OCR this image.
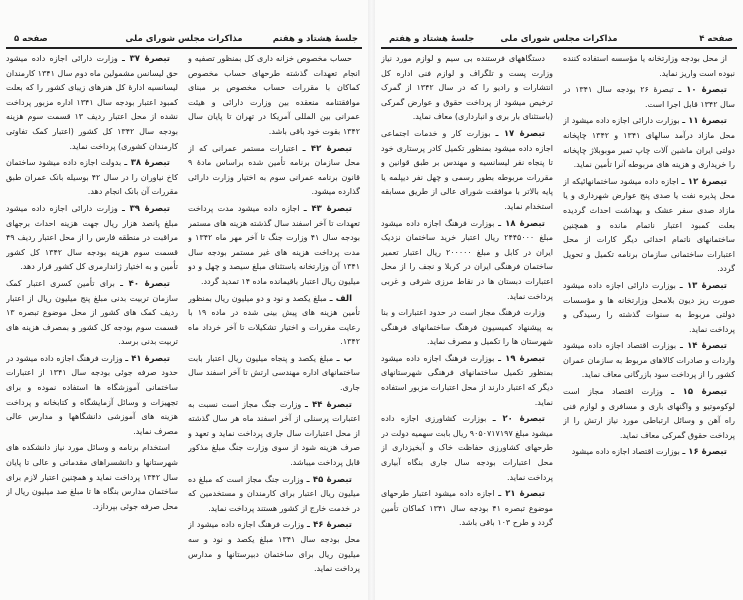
جلسهٔ هشتاد و هفتم
مذاکرات مجلس شورای ملی
صفحه ۵

حساب مخصوص خزانه داری کل بمنظور تصفیه و انجام تعهدات گذشته طرحهای حساب مخصوص کماکان با مقررات حساب مخصوص بر مبنای موافقتنامه منعقده بین وزارت دارائی و هیئت عمرانی بین المللی آمریکا در تهران تا پایان سال ۱۳۴۲ بقوت خود باقی باشد.

تبصرهٔ ۴۲ ـ اعتبارات مستمر عمرانی که از محل سازمان برنامه تأمین شده براساس مادهٔ ۹ قانون برنامه عمرانی سوم به اختیار وزارت دارائی گذارده میشود.

تبصرهٔ ۴۳ ـ اجازه داده میشود مدت پرداخت تعهدات تا آخر اسفند سال گذشته هزینه های مستمر بودجه سال ۴۱ وزارت جنگ تا آخر مهر ماه ۱۳۴۲ و مدت پرداخت هزینه های غیر مستمر بودجه سال ۱۳۴۱ آن وزارتخانه باستثنای مبلغ سیصد و چهل و دو میلیون ریال اعتبار باقیمانده ماده ۱۴ تمدید گردد.

الف ـ مبلغ یکصد و نود و دو میلیون ریال بمنظور تأمین هزینه های پیش بینی شده در ماده ۱۹ با رعایت مقررات و اختیار تشکیلات تا آخر خرداد ماه ۱۳۴۲.

ب ـ مبلغ یکصد و پنجاه میلیون ریال اعتبار بابت ساختمانهای اداره مهندسی ارتش تا آخر اسفند سال جاری.

تبصرهٔ ۴۴ ـ وزارت جنگ مجاز است نسبت به اعتبارات پرسنلی از آخر اسفند ماه هر سال گذشته از محل اعتبارات سال جاری پرداخت نماید و تعهد و صرف هزینه شود از سوی وزارت جنگ مبلغ مذکور قابل پرداخت میباشد.

تبصرهٔ ۴۵ ـ وزارت جنگ مجاز است که مبلغ ده میلیون ریال اعتبار برای کارمندان و مستخدمین که در خدمت خارج از کشور هستند پرداخت نماید.

تبصرهٔ ۴۶ ـ وزارت فرهنگ اجازه داده میشود از محل بودجه سال ۱۳۴۱ مبلغ یکصد و نود و سه میلیون ریال برای ساختمان دبیرستانها و مدارس پرداخت نماید.

تبصرهٔ ۳۷ ـ وزارت دارائی اجازه داده میشود حق لیسانس مشمولین ماه دوم سال ۱۳۴۱ کارمندان لیسانسیه ادارهٔ کل هنرهای زیبای کشور را که بعلت کمبود اعتبار بودجه سال ۱۳۴۱ اداره مزبور پرداخت نشده از محل اعتبار ردیف ۱۳ قسمت سوم هزینه بودجه سال ۱۳۴۲ کل کشور (اعتبار کمک تفاوتی کارمندان کشوری) پرداخت نماید.

تبصرهٔ ۳۸ ـ بدولت اجازه داده میشود ساختمان کاخ نیاوران را در سال ۴۲ بوسیله بانک عمران طبق مقررات آن بانک انجام دهد.

تبصرهٔ ۳۹ ـ وزارت دارائی اجازه داده میشود مبلغ پانصد هزار ریال جهت هزینه احداث برجهای مراقبت در منطقه فارس را از محل اعتبار ردیف ۴۹ قسمت سوم هزینه بودجه سال ۱۳۴۲ کل کشور تأمین و به اختیار ژاندارمری کل کشور قرار دهد.

تبصرهٔ ۴۰ ـ برای تأمین کسری اعتبار کمک سازمان تربیت بدنی مبلغ پنج میلیون ریال از اعتبار ردیف کمک های کشور از محل موضوع تبصره ۱۳ قسمت سوم بودجه کل کشور و بمصرف هزینه های تربیت بدنی برسد.

تبصرهٔ ۴۱ ـ وزارت فرهنگ اجازه داده میشود در حدود صرفه جوئی بودجه سال ۱۳۴۱ از اعتبارات ساختمانی آموزشگاه ها استفاده نموده و برای تجهیزات و وسائل آزمایشگاه و کتابخانه و پرداخت هزینه های آموزشی دانشگاهها و مدارس عالی مصرف نماید.

استخدام برنامه و وسائل مورد نیاز دانشکده های شهرستانها و دانشسراهای مقدماتی و عالی تا پایان سال ۱۳۴۲ پرداخت نماید و همچنین اعتبار لازم برای ساختمان مدارس بنگاه ها تا مبلغ صد میلیون ریال از محل صرفه جوئی بپردازد.

صفحه ۴
مذاکرات مجلس شورای ملی
جلسهٔ هشتاد و هفتم

از محل بودجه وزارتخانه یا مؤسسه استفاده کننده نبوده است واریز نماید.

تبصرهٔ ۱۰ ـ تبصرهٔ ۲۶ بودجه سال ۱۳۴۱ در سال ۱۳۴۲ قابل اجرا است.

تبصرهٔ ۱۱ ـ بوزارت دارائی اجازه داده میشود از محل مازاد درآمد سالهای ۱۳۴۱ و ۱۳۴۲ چاپخانه دولتی ایران ماشین آلات چاپ تمیر موبوبلاژ چاپخانه را خریداری و هزینه های مربوطه آنرا تأمین نماید.

تبصرهٔ ۱۲ ـ اجازه داده میشود ساختمانهائیکه از محل پذیره نفت یا صدی پنج عوارض شهرداری و یا مازاد صدی سفر عشک و بهداشت احداث گردیده بعلت کمبود اعتبار ناتمام مانده و همچنین ساختمانهای ناتمام احداثی دیگر کارات از محل اعتبارات ساختمانی سازمان برنامه تکمیل و تحویل گردد.

تبصرهٔ ۱۳ ـ بوزارت دارائی اجازه داده میشود صورت ریز دیون بلامحل وزارتخانه ها و مؤسسات دولتی مربوط به سنوات گذشته را رسیدگی و پرداخت نماید.

تبصرهٔ ۱۴ ـ بوزارت اقتصاد اجازه داده میشود واردات و صادرات کالاهای مربوط به سازمان عمران کشور را از پرداخت سود بازرگانی معاف نماید.

تبصرهٔ ۱۵ ـ وزارت اقتصاد مجاز است لوکوموتیو و واگنهای باری و مسافری و لوازم فنی راه آهن و وسائل ارتباطی مورد نیاز ارتش را از پرداخت حقوق گمرکی معاف نماید.

تبصرهٔ ۱۶ ـ بوزارت اقتصاد اجازه داده میشود

دستگاههای فرستنده بی سیم و لوازم مورد نیاز وزارت پست و تلگراف و لوازم فنی اداره کل انتشارات و رادیو را که در سال ۱۳۴۲ از گمرک ترخیص میشود از پرداخت حقوق و عوارض گمرکی (باستثنای بار بری و انبارداری) معاف نماید.

تبصرهٔ ۱۷ ـ بوزارت کار و خدمات اجتماعی اجازه داده میشود بمنظور تکمیل کادر پرستاری خود تا پنجاه نفر لیسانسیه و مهندس بر طبق قوانین و مقررات مربوطه بطور رسمی و چهل نفر دیپلمه یا پایه بالاتر با موافقت شورای عالی از طریق مسابقه استخدام نماید.

تبصرهٔ ۱۸ ـ بوزارت فرهنگ اجازه داده میشود مبلغ ۲۴۴۵۰۰۰ ریال اعتبار خرید ساختمان نزدیک ایران در کابل و مبلغ ۲۰۰۰۰۰ ریال اعتبار تعمیر ساختمان فرهنگی ایران در کربلا و نجف را از محل اعتبارات دبستان ها در نقاط مرزی شرقی و غربی پرداخت نماید.

وزارت فرهنگ مجاز است در حدود اعتبارات و بنا به پیشنهاد کمیسیون فرهنگ ساختمانهای فرهنگی شهرستان ها را تکمیل و مصرف نماید.

تبصرهٔ ۱۹ ـ بوزارت فرهنگ اجازه داده میشود بمنظور تکمیل ساختمانهای فرهنگی شهرستانهای دیگر که اعتبار دارند از محل اعتبارات مزبور استفاده نماید.

تبصرهٔ ۲۰ ـ بوزارت کشاورزی اجازه داده میشود مبلغ ۹۰۵۰۷۱۷۱۹۷ ریال بابت سهمیه دولت در طرحهای کشاورزی حفاظت خاک و آبخیزداری از محل اعتبارات بودجه سال جاری بنگاه آبیاری پرداخت نماید.

تبصرهٔ ۲۱ ـ اجازه داده میشود اعتبار طرحهای موضوع تبصره ۴۱ بودجه سال ۱۳۴۱ کماکان تأمین گردد و طرح ۱۰۳ باقی باشد.
